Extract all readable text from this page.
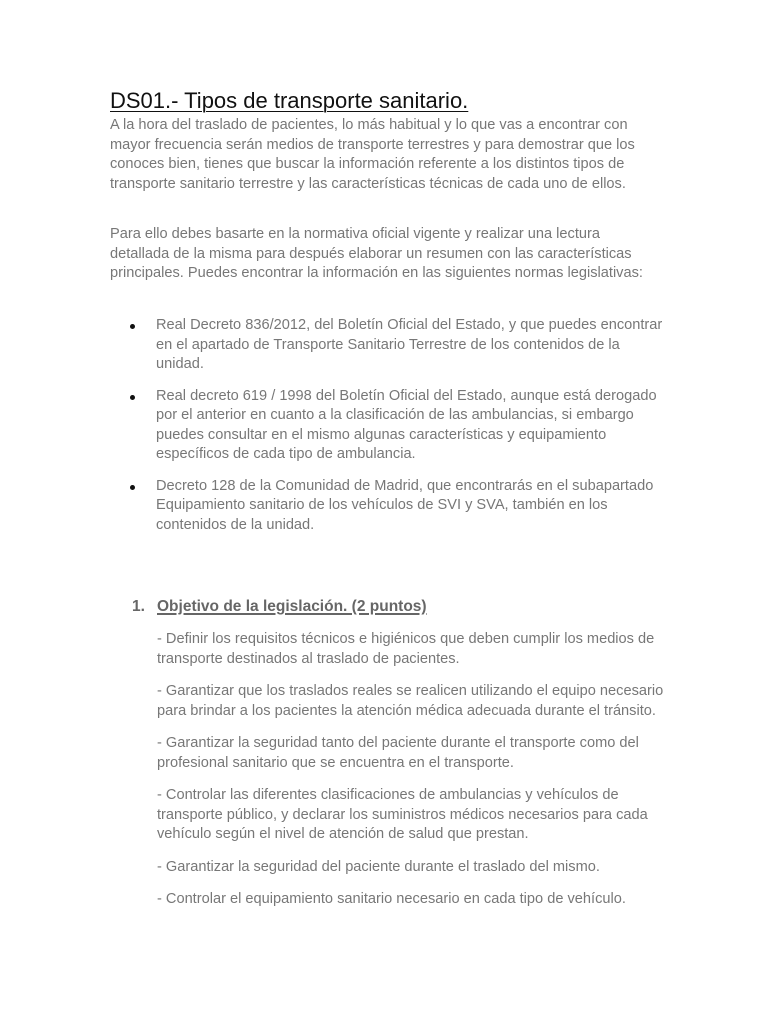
DS01.- Tipos de transporte sanitario.

A la hora del traslado de pacientes, lo más habitual y lo que vas a encontrar con mayor frecuencia serán medios de transporte terrestres y para demostrar que los conoces bien, tienes que buscar la información referente a los distintos tipos de transporte sanitario terrestre y las características técnicas de cada uno de ellos.

Para ello debes basarte en la normativa oficial vigente y realizar una lectura detallada de la misma para después elaborar un resumen con las características principales. Puedes encontrar la información en las siguientes normas legislativas:

Real Decreto 836/2012, del Boletín Oficial del Estado, y que puedes encontrar en el apartado de Transporte Sanitario Terrestre de los contenidos de la unidad.
Real decreto 619 / 1998 del Boletín Oficial del Estado, aunque está derogado por el anterior en cuanto a la clasificación de las ambulancias, si embargo puedes consultar en el mismo algunas características y equipamiento específicos de cada tipo de ambulancia.
Decreto 128 de la Comunidad de Madrid, que encontrarás en el subapartado Equipamiento sanitario de los vehículos de SVI y SVA, también en los contenidos de la unidad.
1. Objetivo de la legislación. (2 puntos)
- Definir los requisitos técnicos e higiénicos que deben cumplir los medios de transporte destinados al traslado de pacientes.
- Garantizar que los traslados reales se realicen utilizando el equipo necesario para brindar a los pacientes la atención médica adecuada durante el tránsito.
- Garantizar la seguridad tanto del paciente durante el transporte como del profesional sanitario que se encuentra en el transporte.
- Controlar las diferentes clasificaciones de ambulancias y vehículos de transporte público, y declarar los suministros médicos necesarios para cada vehículo según el nivel de atención de salud que prestan.
- Garantizar la seguridad del paciente durante el traslado del mismo.
- Controlar el equipamiento sanitario necesario en cada tipo de vehículo.
